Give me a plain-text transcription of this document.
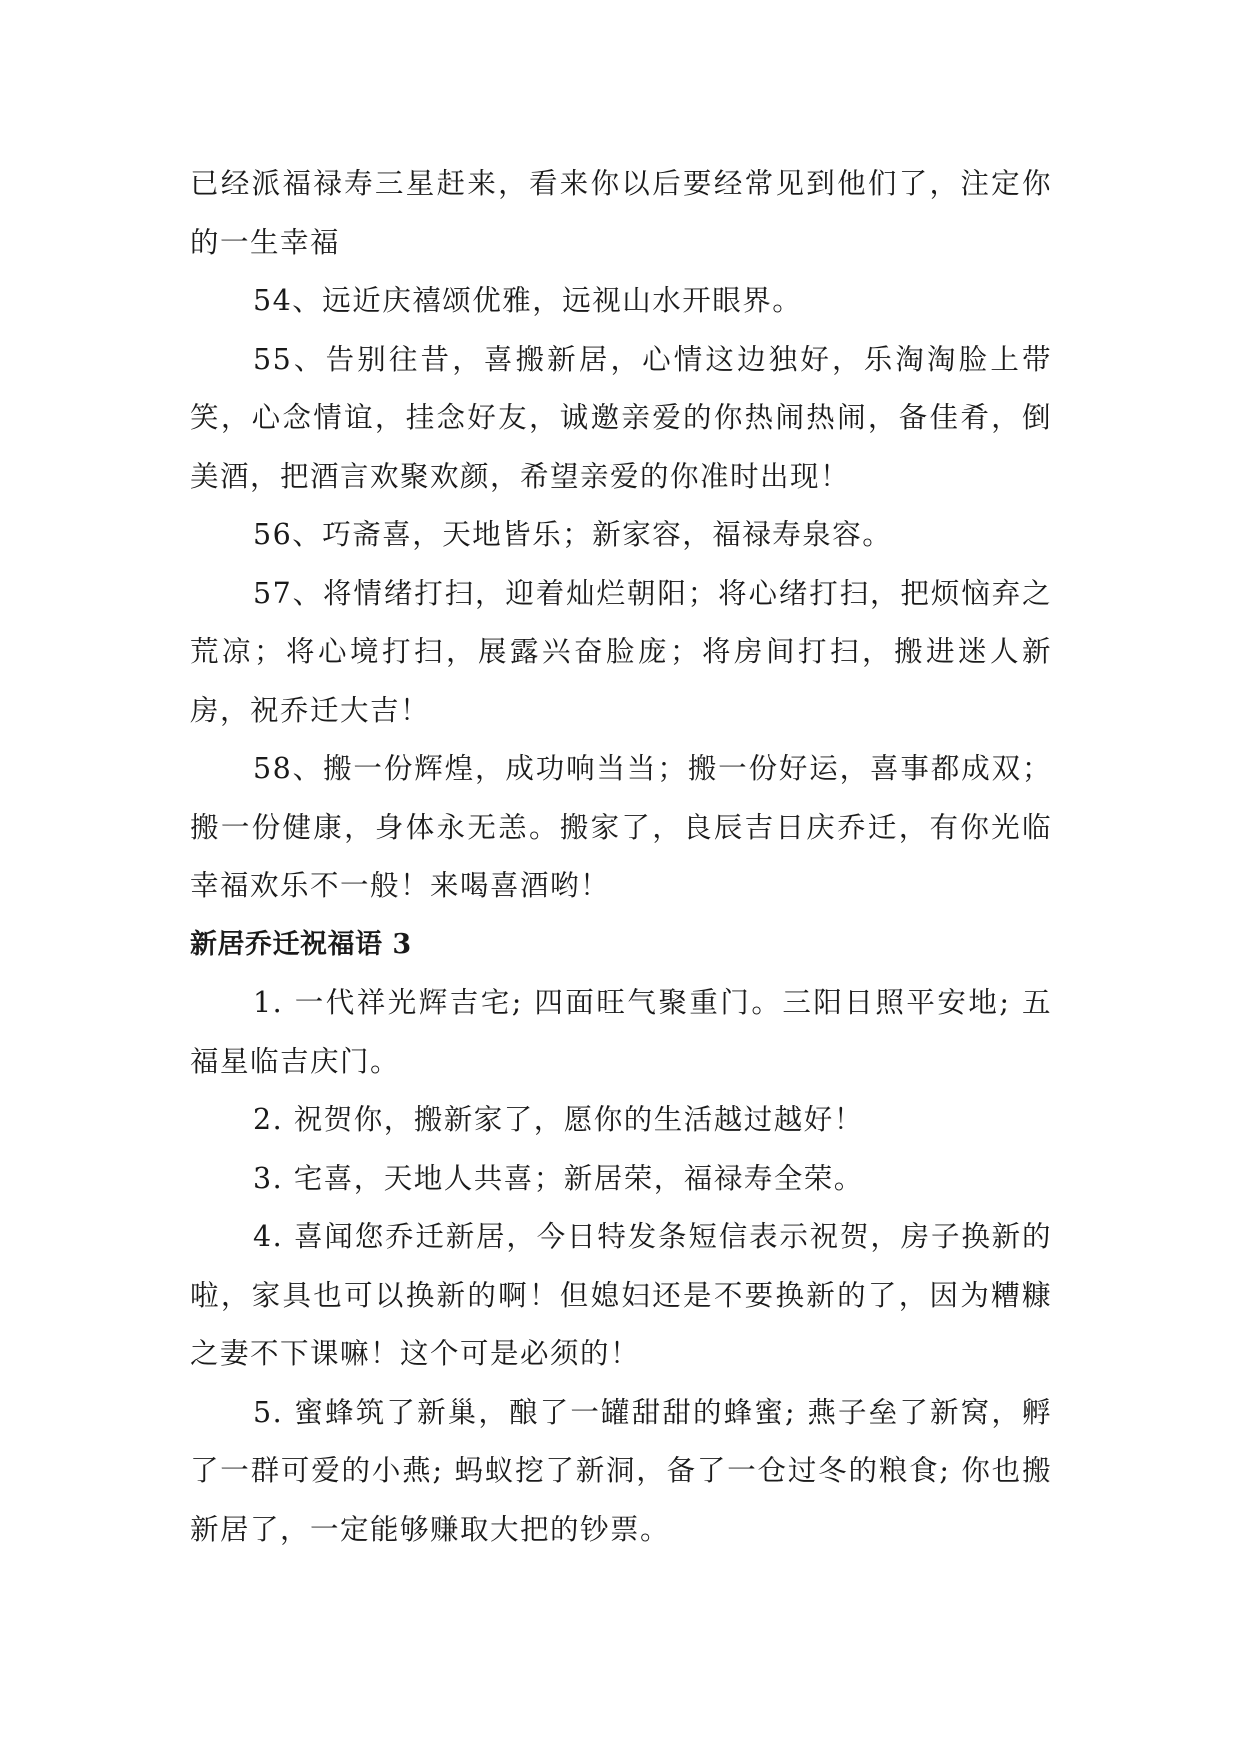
已经派福禄寿三星赶来，看来你以后要经常见到他们了，注定你的一生幸福

54、远近庆禧颂优雅，远视山水开眼界。

55、告别往昔，喜搬新居，心情这边独好，乐淘淘脸上带笑，心念情谊，挂念好友，诚邀亲爱的你热闹热闹，备佳肴，倒美酒，把酒言欢聚欢颜，希望亲爱的你准时出现！

56、巧斋喜，天地皆乐；新家容，福禄寿泉容。

57、将情绪打扫，迎着灿烂朝阳；将心绪打扫，把烦恼弃之荒凉；将心境打扫，展露兴奋脸庞；将房间打扫，搬进迷人新房，祝乔迁大吉！

58、搬一份辉煌，成功响当当；搬一份好运，喜事都成双；搬一份健康，身体永无恙。搬家了，良辰吉日庆乔迁，有你光临幸福欢乐不一般！来喝喜酒哟！

新居乔迁祝福语 3

1. 一代祥光辉吉宅; 四面旺气聚重门。三阳日照平安地; 五福星临吉庆门。

2. 祝贺你，搬新家了，愿你的生活越过越好！

3. 宅喜，天地人共喜；新居荣，福禄寿全荣。

4. 喜闻您乔迁新居，今日特发条短信表示祝贺，房子换新的啦，家具也可以换新的啊！但媳妇还是不要换新的了，因为糟糠之妻不下课嘛！这个可是必须的！

5. 蜜蜂筑了新巢，酿了一罐甜甜的蜂蜜; 燕子垒了新窝，孵了一群可爱的小燕; 蚂蚁挖了新洞，备了一仓过冬的粮食; 你也搬新居了，一定能够赚取大把的钞票。
